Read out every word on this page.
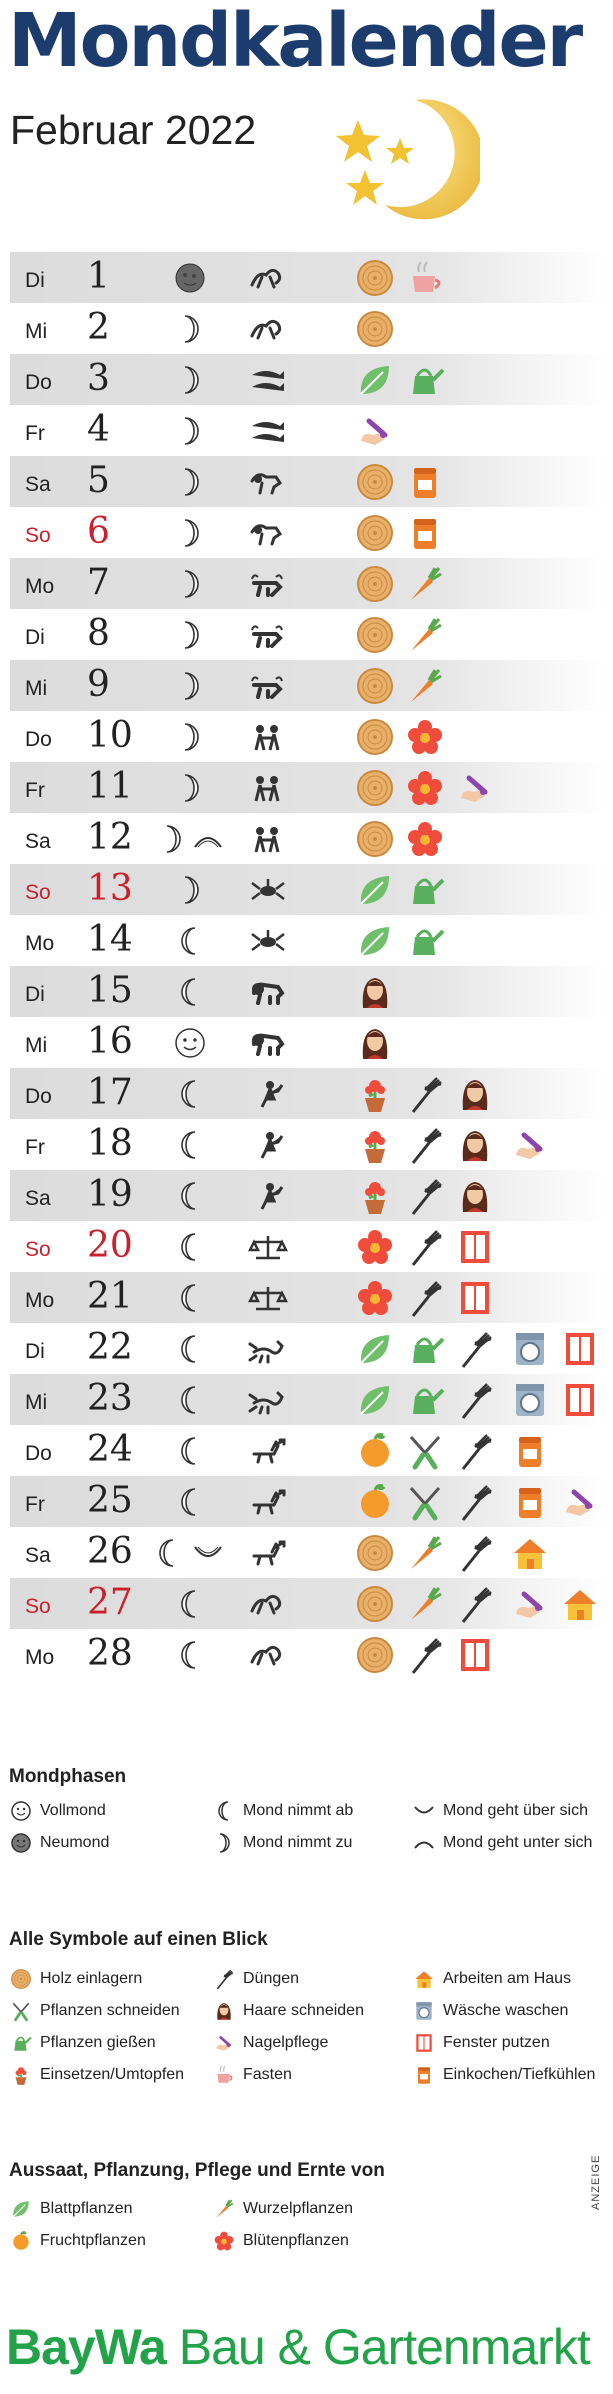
Mondkalender
Februar 2022
Di 1
Mi 2
Do 3
Fr 4
Sa 5
So 6
Mo 7
Di 8
Mi 9
Do 10
Fr 11
Sa 12
So 13
Mo 14
Di 15
Mi 16
Do 17
Fr 18
Sa 19
So 20
Mo 21
Di 22
Mi 23
Do 24
Fr 25
Sa 26
So 27
Mo 28
Mondphasen
Vollmond	Mond nimmt ab	Mond geht über sich
Neumond	Mond nimmt zu	Mond geht unter sich
Alle Symbole auf einen Blick
Holz einlagern	Düngen	Arbeiten am Haus
Pflanzen schneiden	Haare schneiden	Wäsche waschen
Pflanzen gießen	Nagelpflege	Fenster putzen
Einsetzen/Umtopfen	Fasten	Einkochen/Tiefkühlen
Aussaat, Pflanzung, Pflege und Ernte von
Blattpflanzen	Wurzelpflanzen
Fruchtpflanzen	Blütenpflanzen
ANZEIGE
BayWa Bau & Gartenmarkt
